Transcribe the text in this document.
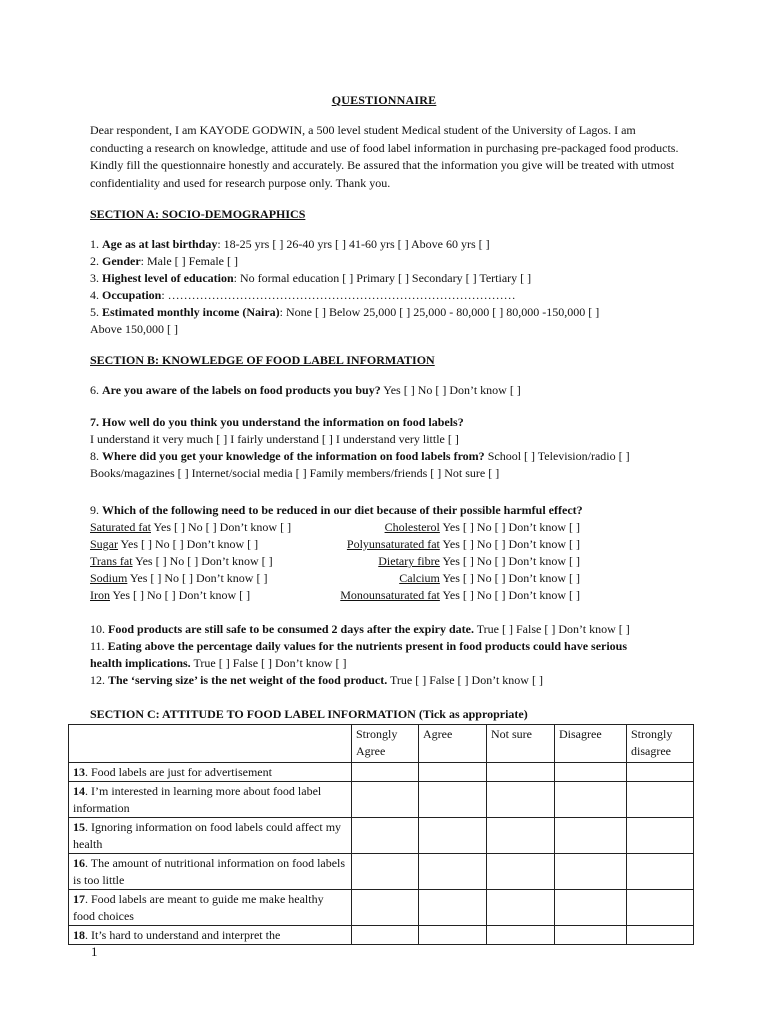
QUESTIONNAIRE
Dear respondent, I am KAYODE GODWIN, a 500 level student Medical student of the University of Lagos. I am conducting a research on knowledge, attitude and use of food label information in purchasing pre-packaged food products. Kindly fill the questionnaire honestly and accurately. Be assured that the information you give will be treated with utmost confidentiality and used for research purpose only. Thank you.
SECTION A: SOCIO-DEMOGRAPHICS
1. Age as at last birthday: 18-25 yrs [ ] 26-40 yrs [ ] 41-60 yrs [ ] Above 60 yrs [ ]
2. Gender: Male [ ] Female [ ]
3. Highest level of education: No formal education [ ] Primary [ ] Secondary [ ] Tertiary [ ]
4. Occupation: ……………………………………………………………………………
5. Estimated monthly income (Naira): None [ ] Below 25,000 [ ] 25,000 - 80,000 [ ] 80,000 -150,000 [ ]
Above 150,000 [ ]
SECTION B: KNOWLEDGE OF FOOD LABEL INFORMATION
6. Are you aware of the labels on food products you buy? Yes [ ] No [ ] Don’t know [ ]
7. How well do you think you understand the information on food labels?
I understand it very much [ ] I fairly understand [ ] I understand very little [ ]
8. Where did you get your knowledge of the information on food labels from? School [ ] Television/radio [ ]
Books/magazines [ ] Internet/social media [ ] Family members/friends [ ] Not sure [ ]
9. Which of the following need to be reduced in our diet because of their possible harmful effect?
Saturated fat Yes [ ] No [ ] Don’t know [ ]
Sugar Yes [ ] No [ ] Don’t know [ ]
Trans fat Yes [ ] No [ ] Don’t know [ ]
Sodium Yes [ ] No [ ] Don’t know [ ]
Iron Yes [ ] No [ ] Don’t know [ ]
Cholesterol Yes [ ] No [ ] Don’t know [ ]
Polyunsaturated fat Yes [ ] No [ ] Don’t know [ ]
Dietary fibre Yes [ ] No [ ] Don’t know [ ]
Calcium Yes [ ] No [ ] Don’t know [ ]
Monounsaturated fat Yes [ ] No [ ] Don’t know [ ]
10. Food products are still safe to be consumed 2 days after the expiry date. True [ ] False [ ] Don’t know [ ]
11. Eating above the percentage daily values for the nutrients present in food products could have serious
health implications. True [ ] False [ ] Don’t know [ ]
12. The ‘serving size’ is the net weight of the food product. True [ ] False [ ] Don’t know [ ]
SECTION C: ATTITUDE TO FOOD LABEL INFORMATION (Tick as appropriate)
	Strongly Agree	Agree	Not sure	Disagree	Strongly disagree
13. Food labels are just for advertisement					
14. I’m interested in learning more about food label information					
15. Ignoring information on food labels could affect my health					
16. The amount of nutritional information on food labels is too little					
17. Food labels are meant to guide me make healthy food choices					
18. It’s hard to understand and interpret the					
1
